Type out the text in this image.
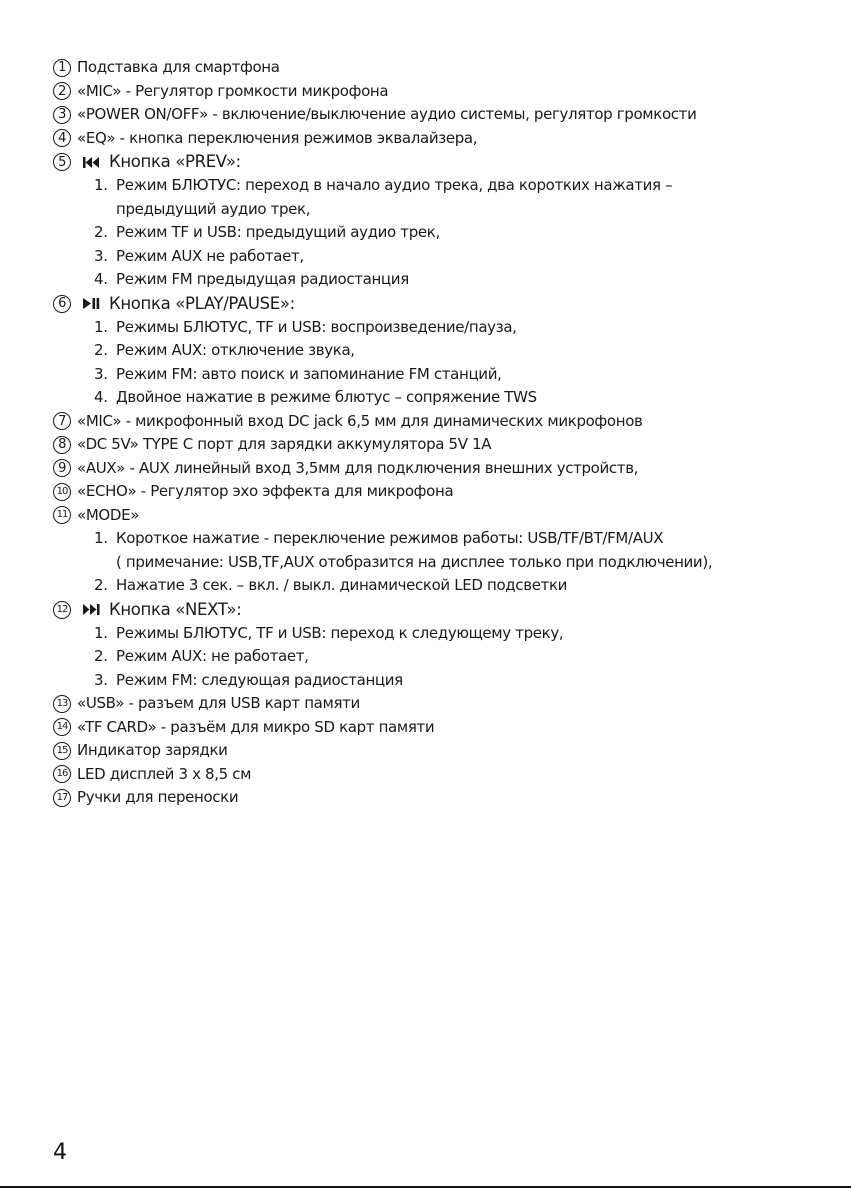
1 Подставка для смартфона
2 «MIC» - Регулятор громкости микрофона
3 «POWER ON/OFF» - включение/выключение аудио системы, регулятор громкости
4 «EQ» - кнопка переключения режимов эквалайзера,
5	Кнопка «PREV»:
1. Режим БЛЮТУС: переход в начало аудио трека, два коротких нажатия –
предыдущий аудио трек,
2. Режим TF и USB: предыдущий аудио трек,
3. Режим AUX не работает,
4. Режим FM предыдущая радиостанция
6	Кнопка «PLAY/PAUSE»:
1. Режимы БЛЮТУС, TF и USB: воспроизведение/пауза,
2. Режим AUX: отключение звука,
3. Режим FM: авто поиск и запоминание FM станций,
4. Двойное нажатие в режиме блютус – сопряжение TWS
7 «MIC» - микрофонный вход DC jack 6,5 мм для динамических микрофонов
8 «DC 5V» TYPE C порт для зарядки аккумулятора 5V 1A
9 «AUX» - AUX линейный вход 3,5мм для подключения внешних устройств,
10 «ECHO» - Регулятор эхо эффекта для микрофона
11 «MODE»
1. Короткое нажатие - переключение режимов работы: USB/TF/BT/FM/AUX
( примечание: USB,TF,AUX отобразится на дисплее только при подключении),
2. Нажатие 3 сек. – вкл. / выкл. динамической LED подсветки
12	Кнопка «NEXT»:
1. Режимы БЛЮТУС, TF и USB: переход к следующему треку,
2. Режим AUX: не работает,
3. Режим FM: следующая радиостанция
13 «USB» - разъем для USB карт памяти
14 «TF CARD» - разъём для микро SD карт памяти
15 Индикатор зарядки
16 LED дисплей 3 х 8,5 см
17 Ручки для переноски
4
